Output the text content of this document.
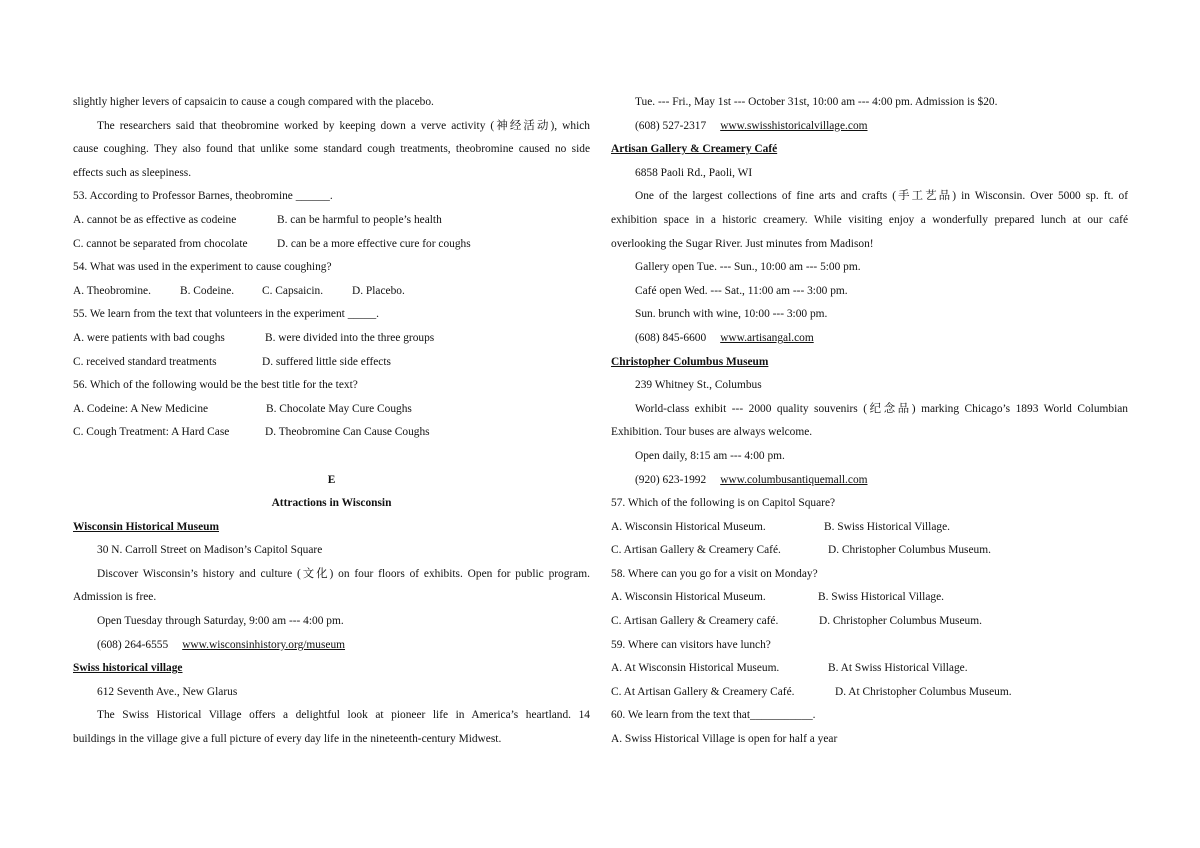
slightly higher levers of capsaicin to cause a cough compared with the placebo.
The researchers said that theobromine worked by keeping down a verve activity (神经活动), which
cause coughing. They also found that unlike some standard cough treatments, theobromine caused no side
effects such as sleepiness.
53. According to Professor Barnes, theobromine ______.
A. cannot be as effective as codeine	B. can be harmful to people’s health
C. cannot be separated from chocolate	D. can be a more effective cure for coughs
54. What was used in the experiment to cause coughing?
A. Theobromine.	B. Codeine.	C. Capsaicin.	D. Placebo.
55. We learn from the text that volunteers in the experiment _____.
A. were patients with bad coughs	B. were divided into the three groups
C. received standard treatments	D. suffered little side effects
56. Which of the following would be the best title for the text?
A. Codeine: A New Medicine	B. Chocolate May Cure Coughs
C. Cough Treatment: A Hard Case	D. Theobromine Can Cause Coughs
E
Attractions in Wisconsin
Wisconsin Historical Museum
30 N. Carroll Street on Madison’s Capitol Square
Discover Wisconsin’s history and culture (文化) on four floors of exhibits. Open for public program.
Admission is free.
Open Tuesday through Saturday, 9:00 am --- 4:00 pm.
(608) 264-6555 www.wisconsinhistory.org/museum
Swiss historical village
612 Seventh Ave., New Glarus
The Swiss Historical Village offers a delightful look at pioneer life in America’s heartland. 14
buildings in the village give a full picture of every day life in the nineteenth-century Midwest.
Tue. --- Fri., May 1st --- October 31st, 10:00 am --- 4:00 pm. Admission is $20.
(608) 527-2317 www.swisshistoricalvillage.com
Artisan Gallery & Creamery Café
6858 Paoli Rd., Paoli, WI
One of the largest collections of fine arts and crafts (手工艺品) in Wisconsin. Over 5000 sp. ft. of
exhibition space in a historic creamery. While visiting enjoy a wonderfully prepared lunch at our café
overlooking the Sugar River. Just minutes from Madison!
Gallery open Tue. --- Sun., 10:00 am --- 5:00 pm.
Café open Wed. --- Sat., 11:00 am --- 3:00 pm.
Sun. brunch with wine, 10:00 --- 3:00 pm.
(608) 845-6600 www.artisangal.com
Christopher Columbus Museum
239 Whitney St., Columbus
World-class exhibit --- 2000 quality souvenirs (纪念品) marking Chicago’s 1893 World Columbian
Exhibition. Tour buses are always welcome.
Open daily, 8:15 am --- 4:00 pm.
(920) 623-1992 www.columbusantiquemall.com
57. Which of the following is on Capitol Square?
A. Wisconsin Historical Museum.	B. Swiss Historical Village.
C. Artisan Gallery & Creamery Café.	D. Christopher Columbus Museum.
58. Where can you go for a visit on Monday?
A. Wisconsin Historical Museum.	B. Swiss Historical Village.
C. Artisan Gallery & Creamery café.	D. Christopher Columbus Museum.
59. Where can visitors have lunch?
A. At Wisconsin Historical Museum.	B. At Swiss Historical Village.
C. At Artisan Gallery & Creamery Café.	D. At Christopher Columbus Museum.
60. We learn from the text that___________.
A. Swiss Historical Village is open for half a year
